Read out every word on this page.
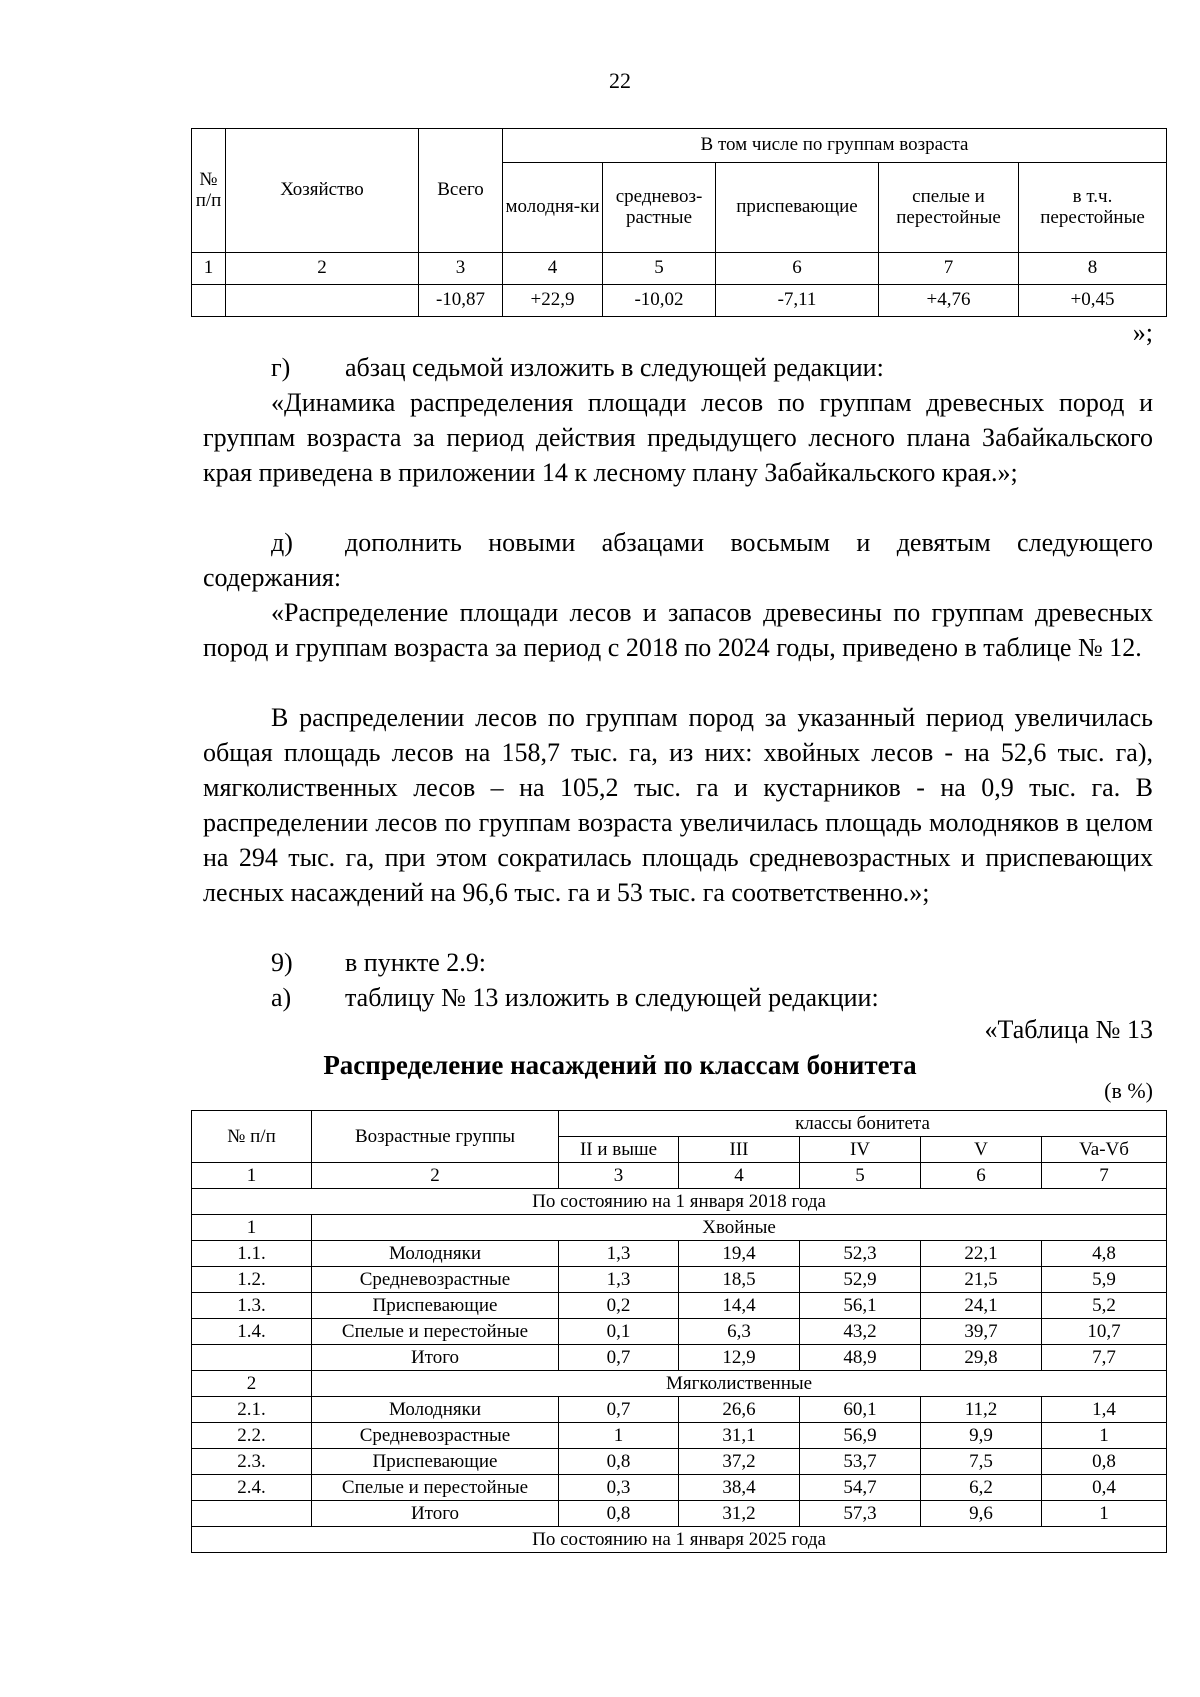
22
№ п/п	Хозяйство	Всего	В том числе по группам возраста				
			молодня-ки	средневоз-растные	приспевающие	спелые и перестойные	в т.ч. перестойные
1	2	3	4	5	6	7	8
		-10,87	+22,9	-10,02	-7,11	+4,76	+0,45
»;

г) абзац седьмой изложить в следующей редакции:

«Динамика распределения площади лесов по группам древесных пород и группам возраста за период действия предыдущего лесного плана Забайкальского края приведена в приложении 14 к лесному плану Забайкальского края.»;

д) дополнить новыми абзацами восьмым и девятым следующего содержания:

«Распределение площади лесов и запасов древесины по группам древесных пород и группам возраста за период с 2018 по 2024 годы, приведено в таблице № 12.

В распределении лесов по группам пород за указанный период увеличилась общая площадь лесов на 158,7 тыс. га, из них: хвойных лесов - на 52,6 тыс. га), мягколиственных лесов – на 105,2 тыс. га и кустарников - на 0,9 тыс. га. В распределении лесов по группам возраста увеличилась площадь молодняков в целом на 294 тыс. га, при этом сократилась площадь средневозрастных и приспевающих лесных насаждений на 96,6 тыс. га и 53 тыс. га соответственно.»;

9) в пункте 2.9:

а) таблицу № 13 изложить в следующей редакции:

«Таблица № 13
Распределение насаждений по классам бонитета
(в %)
№ п/п	Возрастные группы	классы бонитета				
		II и выше	III	IV	V	Va-Vб
1	2	3	4	5	6	7
По состоянию на 1 января 2018 года						
1	Хвойные					
1.1.	Молодняки	1,3	19,4	52,3	22,1	4,8
1.2.	Средневозрастные	1,3	18,5	52,9	21,5	5,9
1.3.	Приспевающие	0,2	14,4	56,1	24,1	5,2
1.4.	Спелые и перестойные	0,1	6,3	43,2	39,7	10,7
	Итого	0,7	12,9	48,9	29,8	7,7
2	Мягколиственные					
2.1.	Молодняки	0,7	26,6	60,1	11,2	1,4
2.2.	Средневозрастные	1	31,1	56,9	9,9	1
2.3.	Приспевающие	0,8	37,2	53,7	7,5	0,8
2.4.	Спелые и перестойные	0,3	38,4	54,7	6,2	0,4
	Итого	0,8	31,2	57,3	9,6	1
По состоянию на 1 января 2025 года						
